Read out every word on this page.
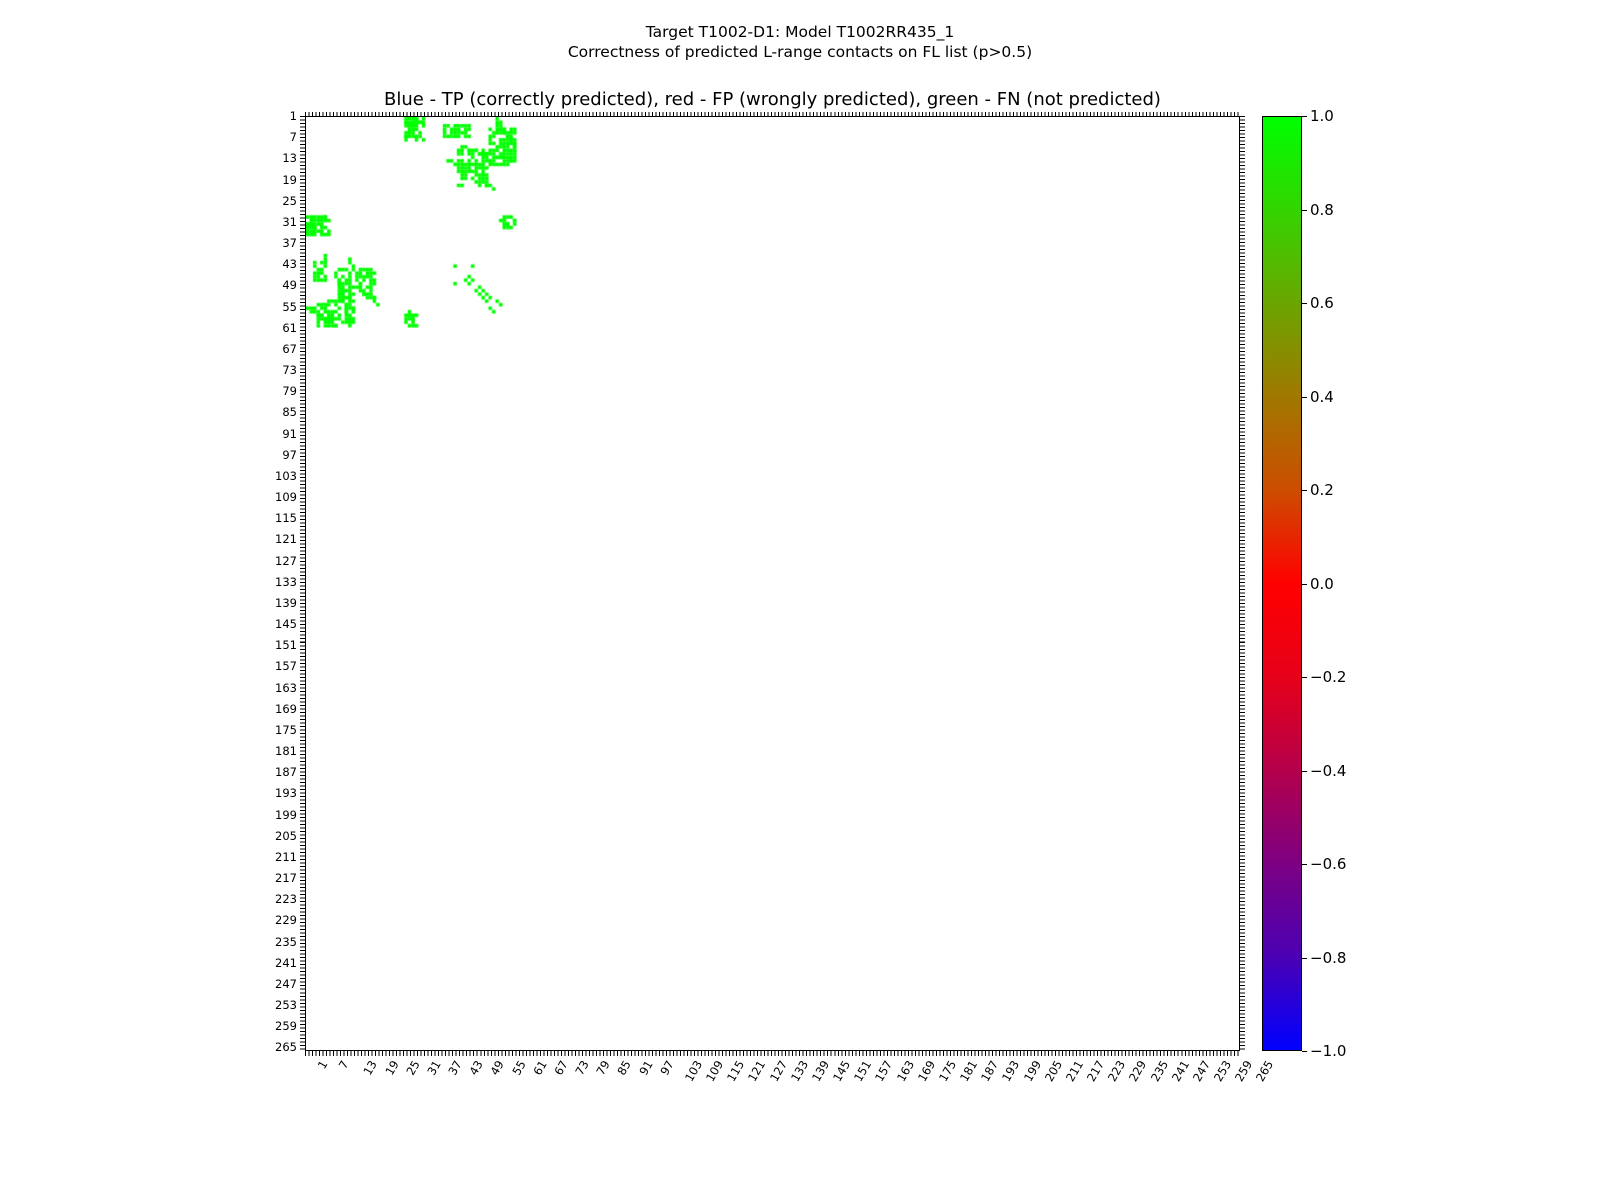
Target T1002-D1: Model T1002RR435_1
Correctness of predicted L-range contacts on FL list (p>0.5)
Blue - TP (correctly predicted), red - FP (wrongly predicted), green - FN (not predicted)
1
7
13
19
25
31
37
43
49
55
61
67
73
79
85
91
97
103
109
115
121
127
133
139
145
151
157
163
169
175
181
187
193
199
205
211
217
223
229
235
241
247
253
259
265
1 7 13 19 25 31 37 43 49 55 61 67 73 79 85 91 97 103
109
115
121
127
133
139
145
151
157
163
169
175
181
187
193
199
205
211
217
223
229
235
241
247
253
259
265
1.0
0.8
0.6
0.4
0.2
0.0
−0.2
−0.4
−0.6
−0.8
−1.0
